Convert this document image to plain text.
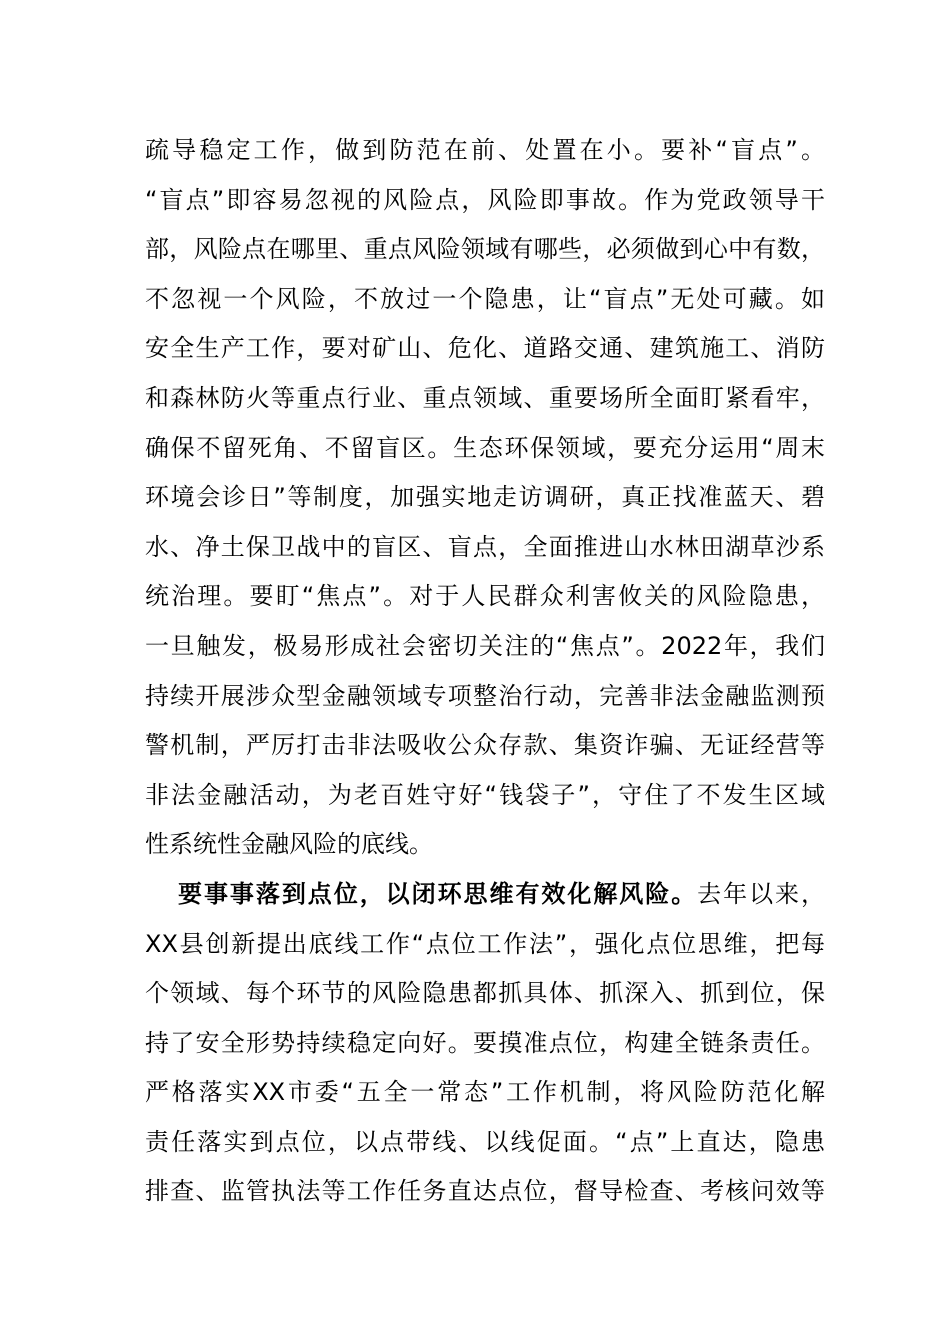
疏导稳定工作，做到防范在前、处置在小。要补“盲点”。
“盲点”即容易忽视的风险点，风险即事故。作为党政领导干
部，风险点在哪里、重点风险领域有哪些，必须做到心中有数，
不忽视一个风险，不放过一个隐患，让“盲点”无处可藏。如
安全生产工作，要对矿山、危化、道路交通、建筑施工、消防
和森林防火等重点行业、重点领域、重要场所全面盯紧看牢，
确保不留死角、不留盲区。生态环保领域，要充分运用“周末
环境会诊日”等制度，加强实地走访调研，真正找准蓝天、碧
水、净土保卫战中的盲区、盲点，全面推进山水林田湖草沙系
统治理。要盯“焦点”。对于人民群众利害攸关的风险隐患，
一旦触发，极易形成社会密切关注的“焦点”。2022年，我们
持续开展涉众型金融领域专项整治行动，完善非法金融监测预
警机制，严厉打击非法吸收公众存款、集资诈骗、无证经营等
非法金融活动，为老百姓守好“钱袋子”，守住了不发生区域
性系统性金融风险的底线。
要事事落到点位，以闭环思维有效化解风险。去年以来，
XX县创新提出底线工作“点位工作法”，强化点位思维，把每
个领域、每个环节的风险隐患都抓具体、抓深入、抓到位，保
持了安全形势持续稳定向好。要摸准点位，构建全链条责任。
严格落实XX市委“五全一常态”工作机制，将风险防范化解
责任落实到点位，以点带线、以线促面。“点”上直达，隐患
排查、监管执法等工作任务直达点位，督导检查、考核问效等
